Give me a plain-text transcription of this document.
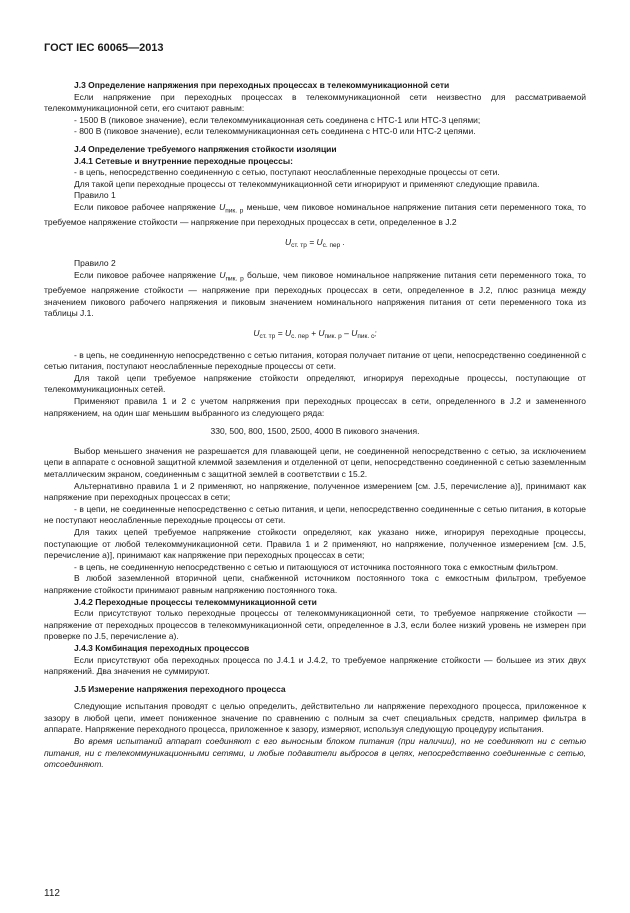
ГОСТ IEC 60065—2013

J.3 Определение напряжения при переходных процессах в телекоммуникационной сети

Если напряжение при переходных процессах в телекоммуникационной сети неизвестно для рассматриваемой телекоммуникационной сети, его считают равным:

- 1500 В (пиковое значение), если телекоммуникационная сеть соединена с НТС-1 или НТС-3 цепями;

- 800 В (пиковое значение), если телекоммуникационная сеть соединена с НТС-0 или НТС-2 цепями.

J.4 Определение требуемого напряжения стойкости изоляции

J.4.1 Сетевые и внутренние переходные процессы:

- в цепь, непосредственно соединенную с сетью, поступают неослабленные переходные процессы от сети.

Для такой цепи переходные процессы от телекоммуникационной сети игнорируют и применяют следующие правила.

Правило 1

Если пиковое рабочее напряжение $U_{пик. р}$ меньше, чем пиковое номинальное напряжение питания сети переменного тока, то требуемое напряжение стойкости — напряжение при переходных процессах в сети, определенное в J.2

$U_{ст. тр} = U_{с. пер}$ .

Правило 2

Если пиковое рабочее напряжение $U_{пик. р}$ больше, чем пиковое номинальное напряжение питания сети переменного тока, то требуемое напряжение стойкости — напряжение при переходных процессах в сети, определенное в J.2, плюс разница между значением пикового рабочего напряжения и пиковым значением номинального напряжения питания от сети переменного тока из таблицы J.1.

$U_{ст. тр} = U_{с. пер} + U_{пик. р} - U_{пик. с}$;

- в цепь, не соединенную непосредственно с сетью питания, которая получает питание от цепи, непосредственно соединенной с сетью питания, поступают неослабленные переходные процессы от сети.

Для такой цепи требуемое напряжение стойкости определяют, игнорируя переходные процессы, поступающие от телекоммуникационных сетей.

Применяют правила 1 и 2 с учетом напряжения при переходных процессах в сети, определенного в J.2 и замененного напряжением, на один шаг меньшим выбранного из следующего ряда:

330, 500, 800, 1500, 2500, 4000 В пикового значения.

Выбор меньшего значения не разрешается для плавающей цепи, не соединенной непосредственно с сетью, за исключением цепи в аппарате с основной защитной клеммой заземления и отделенной от цепи, непосредственно соединенной с сетью заземленным металлическим экраном, соединенным с защитной землей в соответствии с 15.2.

Альтернативно правила 1 и 2 применяют, но напряжение, полученное измерением [см. J.5, перечисление а)], принимают как напряжение при переходных процессах в сети;

- в цепи, не соединенные непосредственно с сетью питания, и цепи, непосредственно соединенные с сетью питания, в которые не поступают неослабленные переходные процессы от сети.

Для таких цепей требуемое напряжение стойкости определяют, как указано ниже, игнорируя переходные процессы, поступающие от любой телекоммуникационной сети. Правила 1 и 2 применяют, но напряжение, полученное измерением [см. J.5, перечисление а)], принимают как напряжение при переходных процессах в сети;

- в цепь, не соединенную непосредственно с сетью и питающуюся от источника постоянного тока с емкостным фильтром.

В любой заземленной вторичной цепи, снабженной источником постоянного тока с емкостным фильтром, требуемое напряжение стойкости принимают равным напряжению постоянного тока.

J.4.2 Переходные процессы телекоммуникационной сети

Если присутствуют только переходные процессы от телекоммуникационной сети, то требуемое напряжение стойкости — напряжение от переходных процессов в телекоммуникационной сети, определенное в J.3, если более низкий уровень не измерен при проверке по J.5, перечисление а).

J.4.3 Комбинация переходных процессов

Если присутствуют оба переходных процесса по J.4.1 и J.4.2, то требуемое напряжение стойкости — большее из этих двух напряжений. Два значения не суммируют.

J.5 Измерение напряжения переходного процесса

Следующие испытания проводят с целью определить, действительно ли напряжение переходного процесса, приложенное к зазору в любой цепи, имеет пониженное значение по сравнению с полным за счет специальных средств, например фильтра в аппарате. Напряжение переходного процесса, приложенное к зазору, измеряют, используя следующую процедуру испытания.

Во время испытаний аппарат соединяют с его выносным блоком питания (при наличии), но не соединяют ни с сетью питания, ни с телекоммуникационными сетями, и любые подавители выбросов в цепях, непосредственно соединенные с сетью, отсоединяют.

112
